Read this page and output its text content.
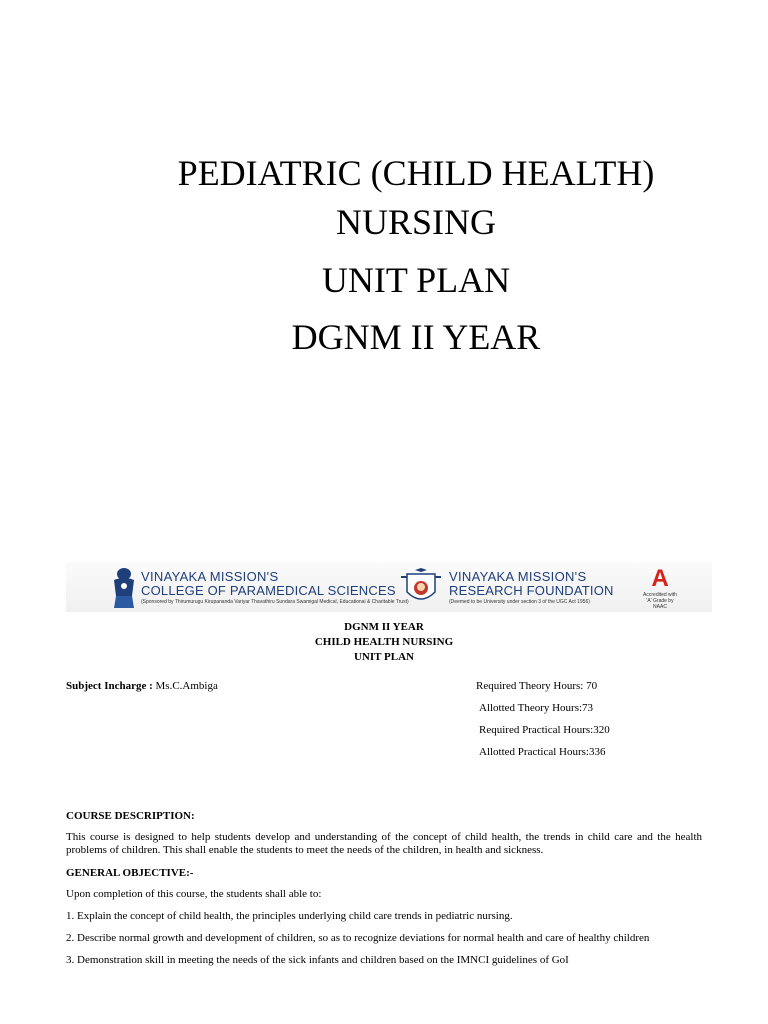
PEDIATRIC (CHILD HEALTH)
NURSING
UNIT PLAN
DGNM II YEAR
VINAYAKA MISSION'S
COLLEGE OF PARAMEDICAL SCIENCES
(Sponsored by Thirumurugu Kirupananda Variyar Thavathiru Sundara Swamigal Medical, Educational & Charitable Trust)
VINAYAKA MISSION'S
RESEARCH FOUNDATION
(Deemed to be University under section 3 of the UGC Act 1956)
A
Accredited with
'A' Grade by NAAC
DGNM II YEAR
CHILD HEALTH NURSING
UNIT PLAN
Subject Incharge : Ms.C.Ambiga	Required Theory Hours: 70
Allotted Theory Hours:73
Required Practical Hours:320
Allotted Practical Hours:336
COURSE DESCRIPTION:
This course is designed to help students develop and understanding of the concept of child health, the trends in child care and the health problems of children. This shall enable the students to meet the needs of the children, in health and sickness.
GENERAL OBJECTIVE:-
Upon completion of this course, the students shall able to:
1. Explain the concept of child health, the principles underlying child care trends in pediatric nursing.
2. Describe normal growth and development of children, so as to recognize deviations for normal health and care of healthy children
3. Demonstration skill in meeting the needs of the sick infants and children based on the IMNCI guidelines of GoI
